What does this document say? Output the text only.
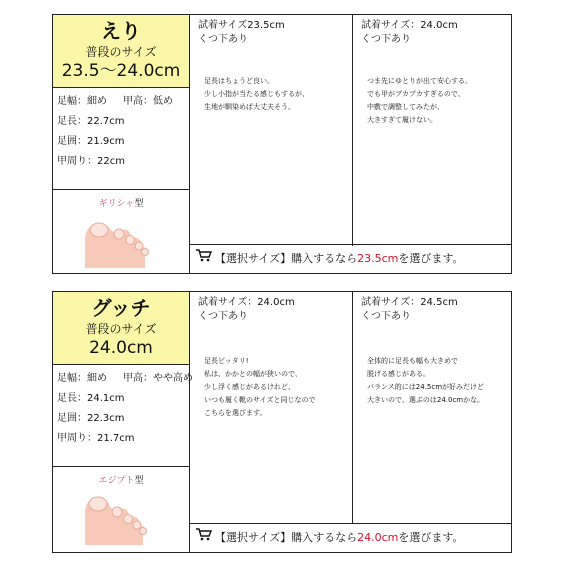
えり
普段のサイズ
23.5〜24.0cm
足幅：細め 甲高：低め
足長：22.7cm
足囲：21.9cm
甲周り：22cm
ギリシャ型
試着サイズ23.5cm
くつ下あり
足長はちょうど良い。
少し小指が当たる感じもするが、
生地が馴染めば大丈夫そう。
試着サイズ：24.0cm
くつ下あり
つま先にゆとりが出て安心する。
でも甲がブカブカすぎるので、
中敷で調整してみたが、
大きすぎて履けない。
【選択サイズ】購入するなら23.5cmを選びます。
グッチ
普段のサイズ
24.0cm
足幅：細め 甲高：やや高め
足長：24.1cm
足囲：22.3cm
甲周り：21.7cm
エジプト型
試着サイズ：24.0cm
くつ下あり
足長ピッタリ!
私は、かかとの幅が狭いので、
少し浮く感じがあるけれど、
いつも履く靴のサイズと同じなので
こちらを選びます。
試着サイズ：24.5cm
くつ下あり
全体的に足長も幅も大きめで
脱げる感じがある。
バランス的には24.5cmが好みだけど
大きいので、選ぶのは24.0cmかな。
【選択サイズ】購入するなら24.0cmを選びます。
